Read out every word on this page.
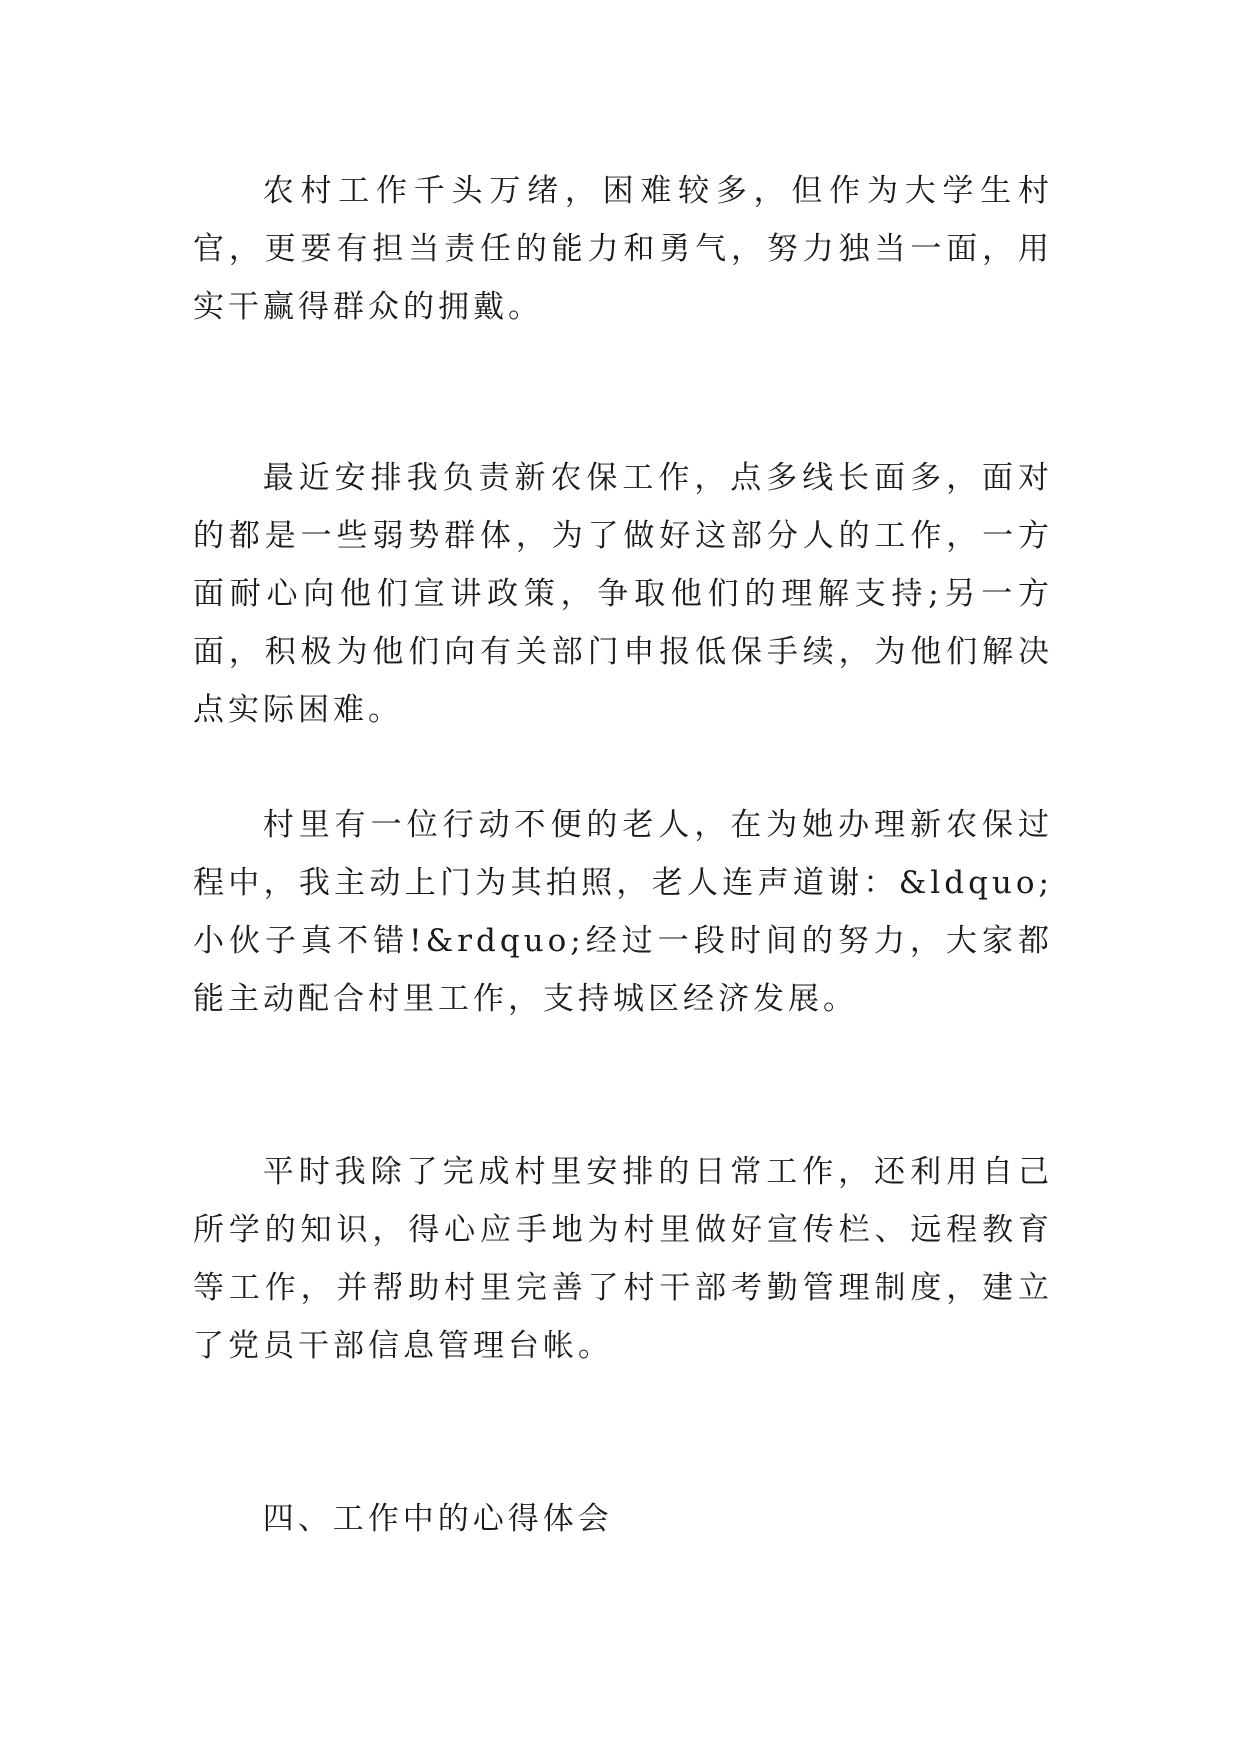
农村工作千头万绪，困难较多，但作为大学生村官，更要有担当责任的能力和勇气，努力独当一面，用实干赢得群众的拥戴。

最近安排我负责新农保工作，点多线长面多，面对的都是一些弱势群体，为了做好这部分人的工作，一方面耐心向他们宣讲政策，争取他们的理解支持;另一方面，积极为他们向有关部门申报低保手续，为他们解决点实际困难。

村里有一位行动不便的老人，在为她办理新农保过程中，我主动上门为其拍照，老人连声道谢：&ldquo;小伙子真不错!&rdquo;经过一段时间的努力，大家都能主动配合村里工作，支持城区经济发展。

平时我除了完成村里安排的日常工作，还利用自己所学的知识，得心应手地为村里做好宣传栏、远程教育等工作，并帮助村里完善了村干部考勤管理制度，建立了党员干部信息管理台帐。

四、工作中的心得体会
